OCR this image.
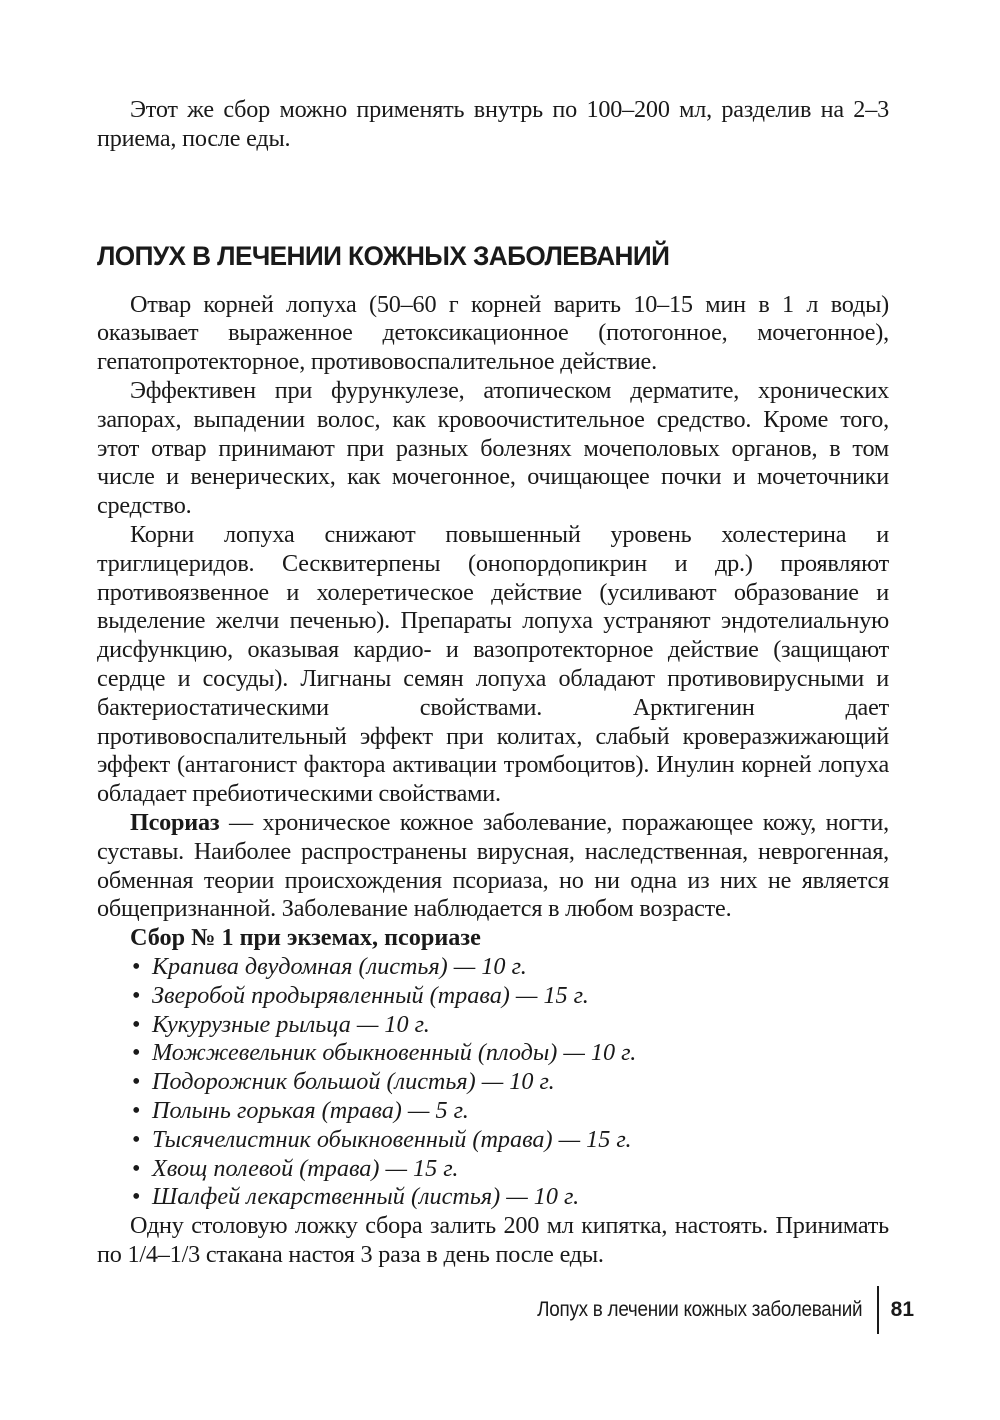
Этот же сбор можно применять внутрь по 100–200 мл, разделив на 2–3 приема, после еды.

ЛОПУХ В ЛЕЧЕНИИ КОЖНЫХ ЗАБОЛЕВАНИЙ

Отвар корней лопуха (50–60 г корней варить 10–15 мин в 1 л воды) оказывает выраженное детоксикационное (потогонное, мочегонное), гепатопротекторное, противовоспалительное действие.

Эффективен при фурункулезе, атопическом дерматите, хронических запорах, выпадении волос, как кровоочистительное средство. Кроме того, этот отвар принимают при разных болезнях мочеполовых органов, в том числе и венерических, как мочегонное, очищающее почки и мочеточники средство.

Корни лопуха снижают повышенный уровень холестерина и триглицеридов. Сесквитерпены (онопордопикрин и др.) проявляют противоязвенное и холеретическое действие (усиливают образование и выделение желчи печенью). Препараты лопуха устраняют эндотелиальную дисфункцию, оказывая кардио- и вазопротекторное действие (защищают сердце и сосуды). Лигнаны семян лопуха обладают противовирусными и бактериостатическими свойствами. Арктигенин дает противовоспалительный эффект при колитах, слабый кроверазжижающий эффект (антагонист фактора активации тромбоцитов). Инулин корней лопуха обладает пребиотическими свойствами.

Псориаз — хроническое кожное заболевание, поражающее кожу, ногти, суставы. Наиболее распространены вирусная, наследственная, неврогенная, обменная теории происхождения псориаза, но ни одна из них не является общепризнанной. Заболевание наблюдается в любом возрасте.

Сбор № 1 при экземах, псориазе

• Крапива двудомная (листья) — 10 г.
• Зверобой продырявленный (трава) — 15 г.
• Кукурузные рыльца — 10 г.
• Можжевельник обыкновенный (плоды) — 10 г.
• Подорожник большой (листья) — 10 г.
• Полынь горькая (трава) — 5 г.
• Тысячелистник обыкновенный (трава) — 15 г.
• Хвощ полевой (трава) — 15 г.
• Шалфей лекарственный (листья) — 10 г.

Одну столовую ложку сбора залить 200 мл кипятка, настоять. Принимать по 1/4–1/3 стакана настоя 3 раза в день после еды.

Лопух в лечении кожных заболеваний 81
